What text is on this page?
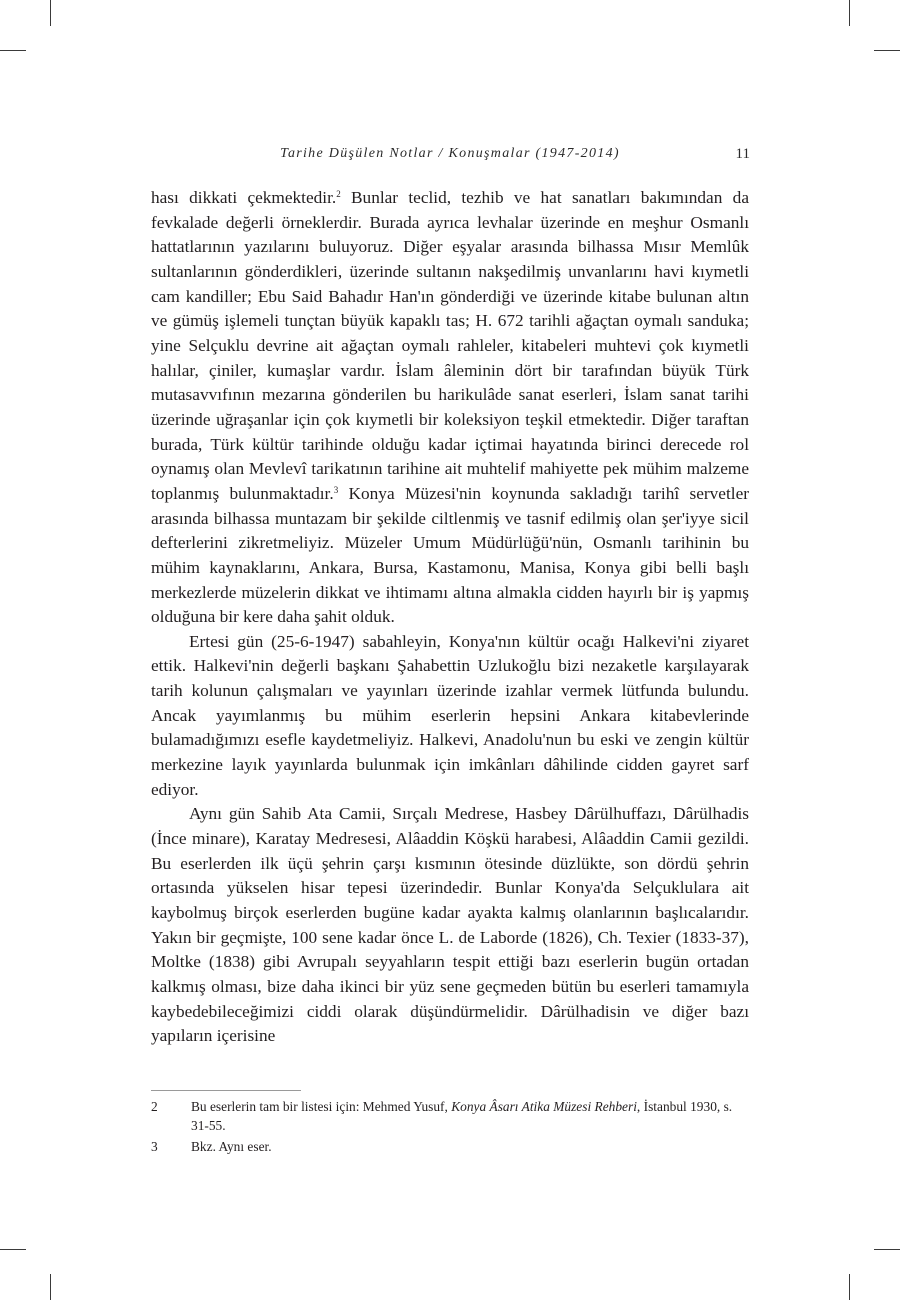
Tarihe Düşülen Notlar / Konuşmalar (1947-2014)	11

hası dikkati çekmektedir.$^2$ Bunlar teclid, tezhib ve hat sanatları bakımından da fevkalade değerli örneklerdir. Burada ayrıca levhalar üzerinde en meşhur Osmanlı hattatlarının yazılarını buluyoruz. Diğer eşyalar arasında bilhassa Mısır Memlûk sultanlarının gönderdikleri, üzerinde sultanın nakşedilmiş unvanlarını havi kıymetli cam kandiller; Ebu Said Bahadır Han'ın gönderdiği ve üzerinde kitabe bulunan altın ve gümüş işlemeli tunçtan büyük kapaklı tas; H. 672 tarihli ağaçtan oymalı sanduka; yine Selçuklu devrine ait ağaçtan oymalı rahleler, kitabeleri muhtevi çok kıymetli halılar, çiniler, kumaşlar vardır. İslam âleminin dört bir tarafından büyük Türk mutasavvıfının mezarına gönderilen bu harikulâde sanat eserleri, İslam sanat tarihi üzerinde uğraşanlar için çok kıymetli bir koleksiyon teşkil etmektedir. Diğer taraftan burada, Türk kültür tarihinde olduğu kadar içtimai hayatında birinci derecede rol oynamış olan Mevlevî tarikatının tarihine ait muhtelif mahiyette pek mühim malzeme toplanmış bulunmaktadır.$^3$ Konya Müzesi'nin koynunda sakladığı tarihî servetler arasında bilhassa muntazam bir şekilde ciltlenmiş ve tasnif edilmiş olan şer'iyye sicil defterlerini zikretmeliyiz. Müzeler Umum Müdürlüğü'nün, Osmanlı tarihinin bu mühim kaynaklarını, Ankara, Bursa, Kastamonu, Manisa, Konya gibi belli başlı merkezlerde müzelerin dikkat ve ihtimamı altına almakla cidden hayırlı bir iş yapmış olduğuna bir kere daha şahit olduk.

Ertesi gün (25-6-1947) sabahleyin, Konya'nın kültür ocağı Halkevi'ni ziyaret ettik. Halkevi'nin değerli başkanı Şahabettin Uzlukoğlu bizi nezaketle karşılayarak tarih kolunun çalışmaları ve yayınları üzerinde izahlar vermek lütfunda bulundu. Ancak yayımlanmış bu mühim eserlerin hepsini Ankara kitabevlerinde bulamadığımızı esefle kaydetmeliyiz. Halkevi, Anadolu'nun bu eski ve zengin kültür merkezine layık yayınlarda bulunmak için imkânları dâhilinde cidden gayret sarf ediyor.

Aynı gün Sahib Ata Camii, Sırçalı Medrese, Hasbey Dârülhuffazı, Dârülhadis (İnce minare), Karatay Medresesi, Alâaddin Köşkü harabesi, Alâaddin Camii gezildi. Bu eserlerden ilk üçü şehrin çarşı kısmının ötesinde düzlükte, son dördü şehrin ortasında yükselen hisar tepesi üzerindedir. Bunlar Konya'da Selçuklulara ait kaybolmuş birçok eserlerden bugüne kadar ayakta kalmış olanlarının başlıcalarıdır. Yakın bir geçmişte, 100 sene kadar önce L. de Laborde (1826), Ch. Texier (1833-37), Moltke (1838) gibi Avrupalı seyyahların tespit ettiği bazı eserlerin bugün ortadan kalkmış olması, bize daha ikinci bir yüz sene geçmeden bütün bu eserleri tamamıyla kaybedebileceğimizi ciddi olarak düşündürmelidir. Dârülhadisin ve diğer bazı yapıların içerisine

2	Bu eserlerin tam bir listesi için: Mehmed Yusuf, Konya Âsarı Atika Müzesi Rehberi, İstanbul 1930, s. 31-55.
3	Bkz. Aynı eser.
